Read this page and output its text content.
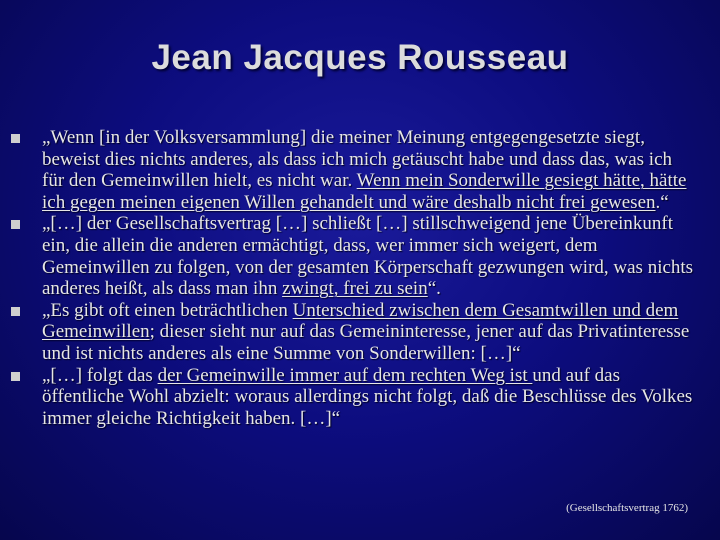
Jean Jacques Rousseau
„Wenn [in der Volksversammlung] die meiner Meinung entgegengesetzte siegt, beweist dies nichts anderes, als dass ich mich getäuscht habe und dass das, was ich für den Gemeinwillen hielt, es nicht war. Wenn mein Sonderwille gesiegt hätte, hätte ich gegen meinen eigenen Willen gehandelt und wäre deshalb nicht frei gewesen.“
„[…] der Gesellschaftsvertrag […] schließt […] stillschweigend jene Übereinkunft ein, die allein die anderen ermächtigt, dass, wer immer sich weigert, dem Gemeinwillen zu folgen, von der gesamten Körperschaft gezwungen wird, was nichts anderes heißt, als dass man ihn zwingt, frei zu sein“.
„Es gibt oft einen beträchtlichen Unterschied zwischen dem Gesamtwillen und dem Gemeinwillen; dieser sieht nur auf das Gemeininteresse, jener auf das Privatinteresse und ist nichts anderes als eine Summe von Sonderwillen: […]“
„[…] folgt das der Gemeinwille immer auf dem rechten Weg ist und auf das öffentliche Wohl abzielt: woraus allerdings nicht folgt, daß die Beschlüsse des Volkes immer gleiche Richtigkeit haben. […]“
(Gesellschaftsvertrag 1762)
